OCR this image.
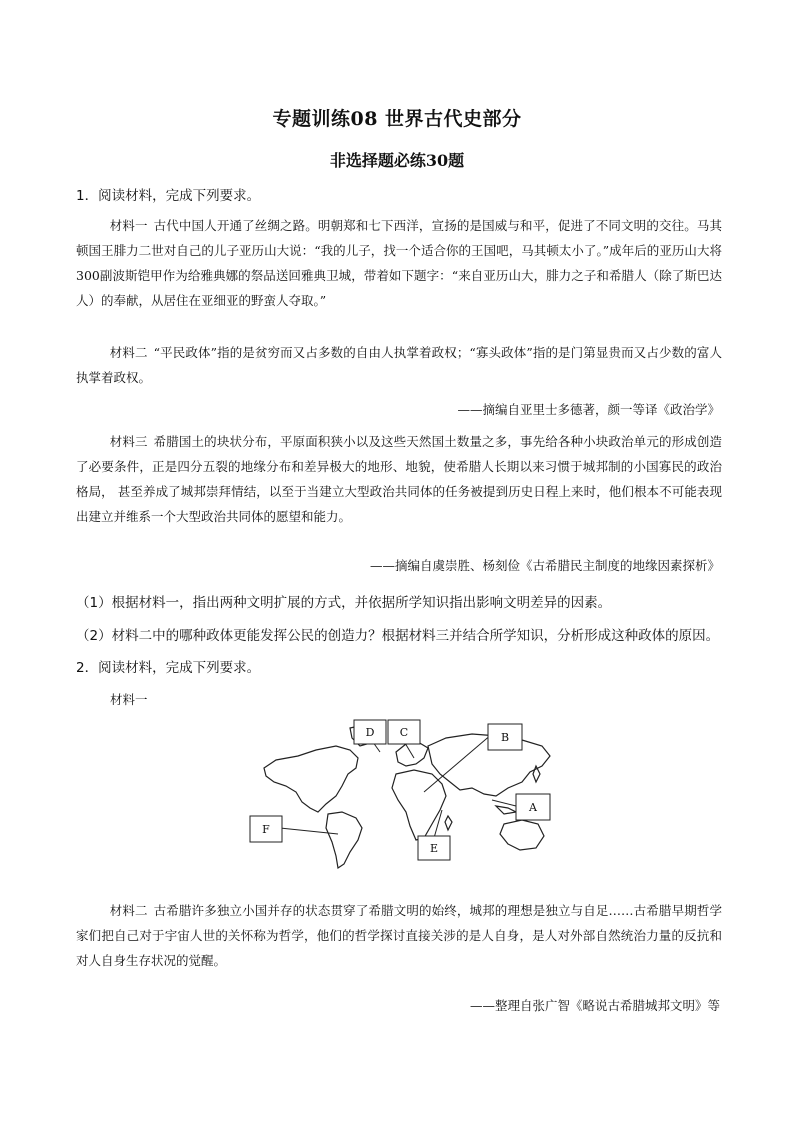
专题训练08 世界古代史部分
非选择题必练30题
1．阅读材料，完成下列要求。
材料一 古代中国人开通了丝绸之路。明朝郑和七下西洋，宣扬的是国威与和平，促进了不同文明的交往。马其顿国王腓力二世对自己的儿子亚历山大说：“我的儿子，找一个适合你的王国吧，马其顿太小了。”成年后的亚历山大将300副波斯铠甲作为给雅典娜的祭品送回雅典卫城，带着如下题字：“来自亚历山大，腓力之子和希腊人（除了斯巴达人）的奉献，从居住在亚细亚的野蛮人夺取。”
材料二 “平民政体”指的是贫穷而又占多数的自由人执掌着政权；“寡头政体”指的是门第显贵而又占少数的富人执掌着政权。
——摘编自亚里士多德著，颜一等译《政治学》
材料三 希腊国土的块状分布，平原面积狭小以及这些天然国土数量之多，事先给各种小块政治单元的形成创造了必要条件，正是四分五裂的地缘分布和差异极大的地形、地貌，使希腊人长期以来习惯于城邦制的小国寡民的政治格局， 甚至养成了城邦崇拜情结，以至于当建立大型政治共同体的任务被提到历史日程上来时，他们根本不可能表现出建立并维系一个大型政治共同体的愿望和能力。
——摘编自虞崇胜、杨刻俭《古希腊民主制度的地缘因素探析》
（1）根据材料一，指出两种文明扩展的方式，并依据所学知识指出影响文明差异的因素。
（2）材料二中的哪种政体更能发挥公民的创造力？根据材料三并结合所学知识，分析形成这种政体的原因。
2．阅读材料，完成下列要求。
材料一
D C	B
A
F
E
材料二 古希腊许多独立小国并存的状态贯穿了希腊文明的始终，城邦的理想是独立与自足……古希腊早期哲学家们把自己对于宇宙人世的关怀称为哲学，他们的哲学探讨直接关涉的是人自身，是人对外部自然统治力量的反抗和对人自身生存状况的觉醒。
——整理自张广智《略说古希腊城邦文明》等
